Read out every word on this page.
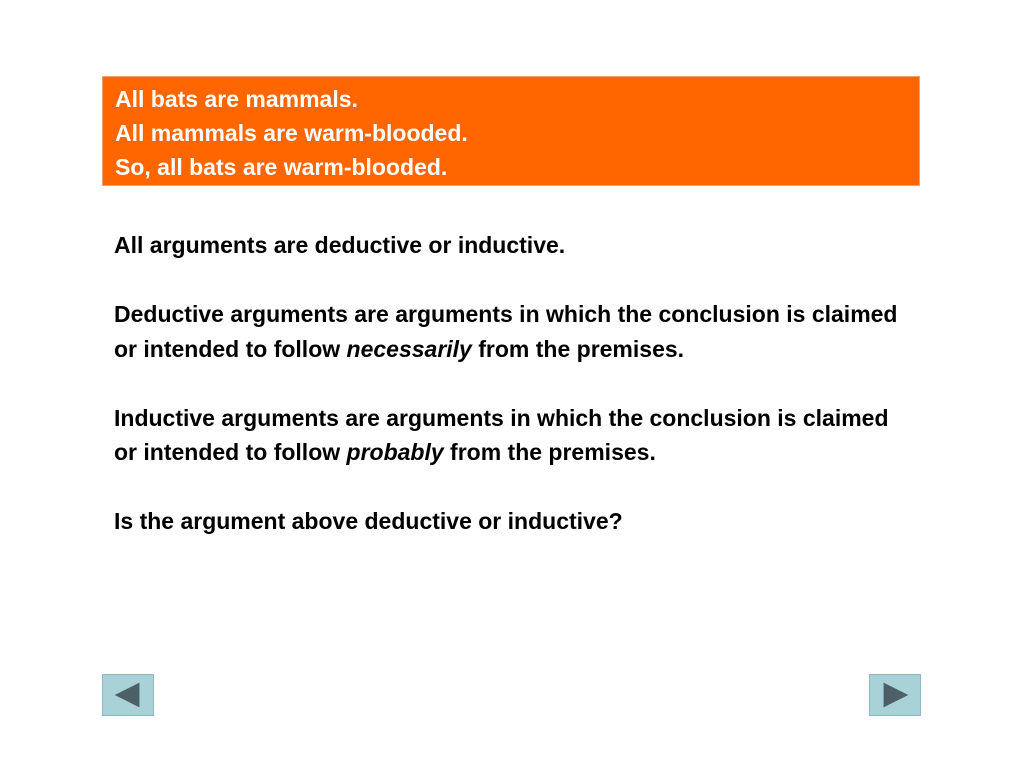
All bats are mammals.
All mammals are warm-blooded.
So, all bats are warm-blooded.

All arguments are deductive or inductive.

Deductive arguments are arguments in which the conclusion is claimed or intended to follow necessarily from the premises.

Inductive arguments are arguments in which the conclusion is claimed or intended to follow probably from the premises.

Is the argument above deductive or inductive?
